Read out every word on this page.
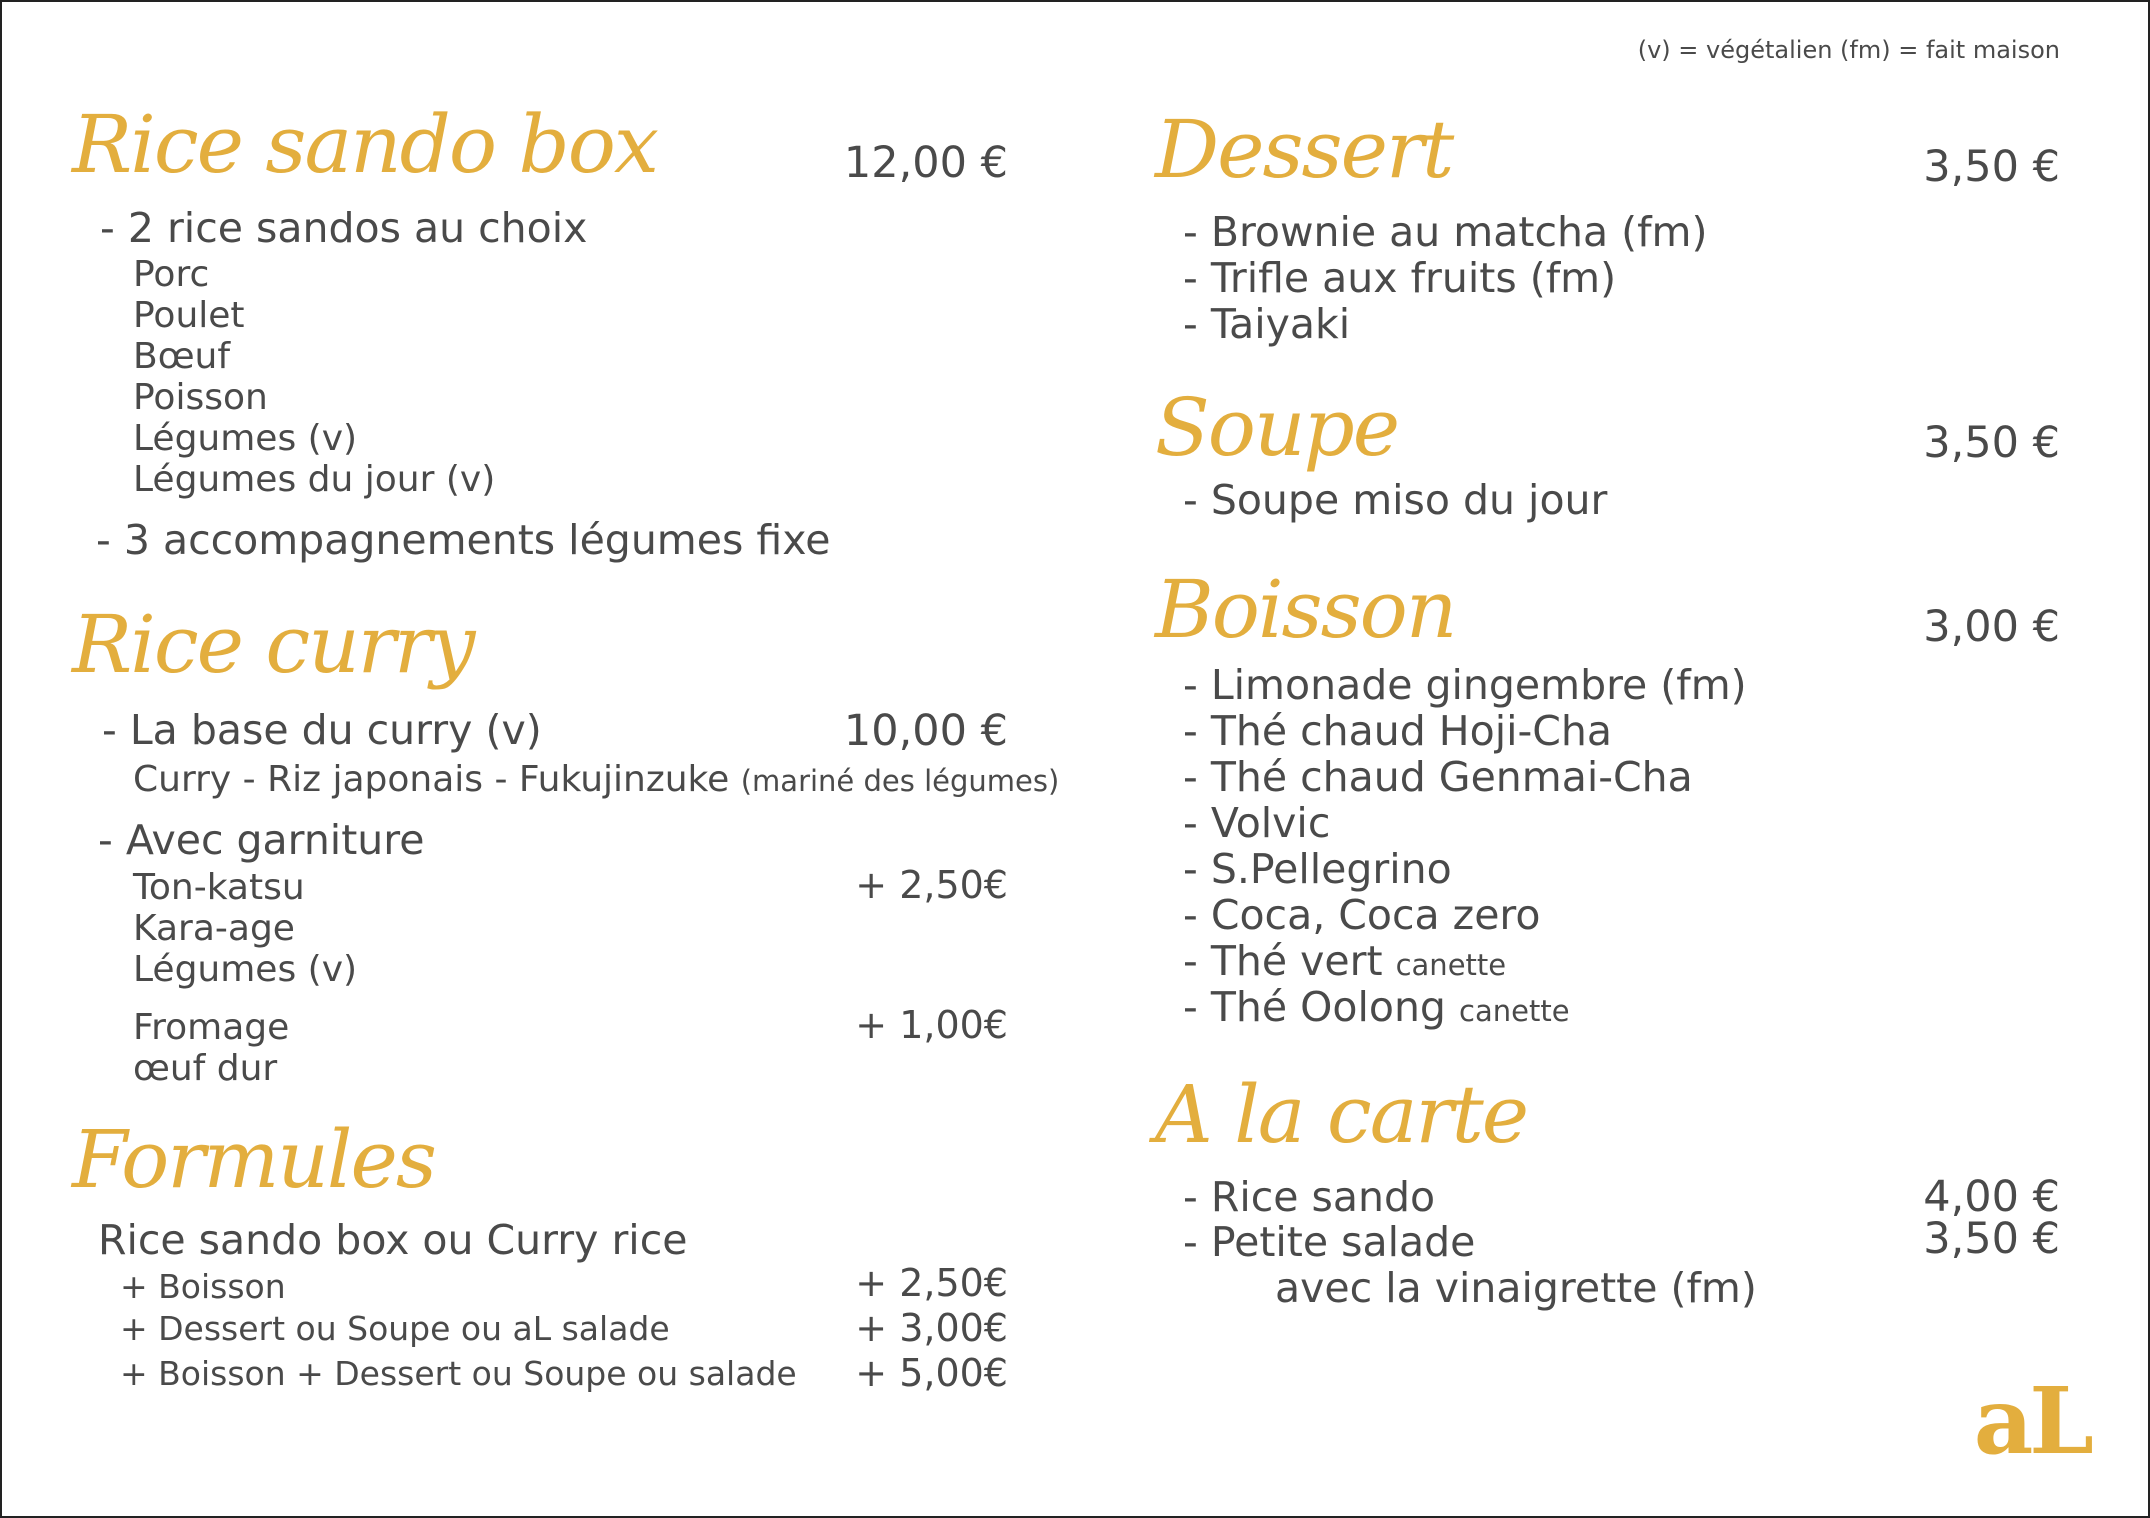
(v) = végétalien (fm) = fait maison
Rice sando box	12,00 €
- 2 rice sandos au choix
Porc
Poulet
Bœuf
Poisson
Légumes (v)
Légumes du jour (v)
- 3 accompagnements légumes fixe
Rice curry
- La base du curry (v)	10,00 €
Curry - Riz japonais - Fukujinzuke (mariné des légumes)
- Avec garniture
Ton-katsu	+ 2,50€
Kara-age
Légumes (v)
Fromage	+ 1,00€
œuf dur
Formules
Rice sando box ou Curry rice
+ Boisson	+ 2,50€
+ Dessert ou Soupe ou aL salade	+ 3,00€
+ Boisson + Dessert ou Soupe ou salade + 5,00€
Dessert	3,50 €
- Brownie au matcha (fm)
- Trifle aux fruits (fm)
- Taiyaki
Soupe	3,50 €
- Soupe miso du jour
Boisson	3,00 €
- Limonade gingembre (fm)
- Thé chaud Hoji-Cha
- Thé chaud Genmai-Cha
- Volvic
- S.Pellegrino
- Coca, Coca zero
- Thé vert canette
- Thé Oolong canette
A la carte
- Rice sando	4,00 €
- Petite salade	3,50 €
avec la vinaigrette (fm)
aL
